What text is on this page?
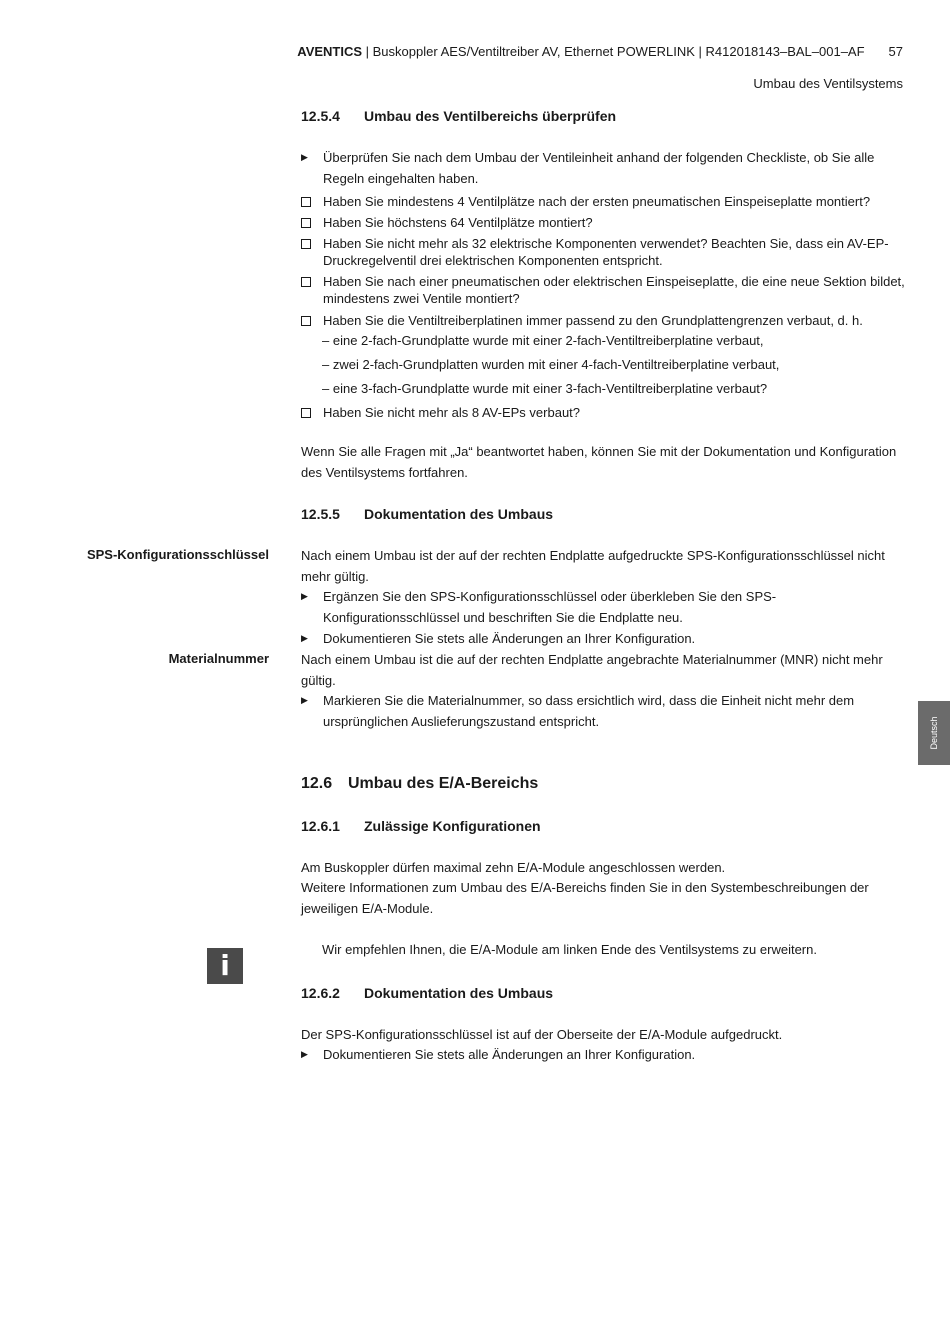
AVENTICS | Buskoppler AES/Ventiltreiber AV, Ethernet POWERLINK | R412018143–BAL–001–AF 57
Umbau des Ventilsystems
12.5.4 Umbau des Ventilbereichs überprüfen
▶ Überprüfen Sie nach dem Umbau der Ventileinheit anhand der folgenden Checkliste, ob Sie alle Regeln eingehalten haben.
Haben Sie mindestens 4 Ventilplätze nach der ersten pneumatischen Einspeiseplatte montiert?
Haben Sie höchstens 64 Ventilplätze montiert?
Haben Sie nicht mehr als 32 elektrische Komponenten verwendet? Beachten Sie, dass ein AV-EP-Druckregelventil drei elektrischen Komponenten entspricht.
Haben Sie nach einer pneumatischen oder elektrischen Einspeiseplatte, die eine neue Sektion bildet, mindestens zwei Ventile montiert?
Haben Sie die Ventiltreiberplatinen immer passend zu den Grundplattengrenzen verbaut, d. h.
– eine 2-fach-Grundplatte wurde mit einer 2-fach-Ventiltreiberplatine verbaut,
– zwei 2-fach-Grundplatten wurden mit einer 4-fach-Ventiltreiberplatine verbaut,
– eine 3-fach-Grundplatte wurde mit einer 3-fach-Ventiltreiberplatine verbaut?
Haben Sie nicht mehr als 8 AV-EPs verbaut?
Wenn Sie alle Fragen mit „Ja“ beantwortet haben, können Sie mit der Dokumentation und Konfiguration des Ventilsystems fortfahren.
12.5.5 Dokumentation des Umbaus
SPS-Konfigurationsschlüssel Nach einem Umbau ist der auf der rechten Endplatte aufgedruckte SPS-Konfigurationsschlüssel nicht mehr gültig.
▶ Ergänzen Sie den SPS-Konfigurationsschlüssel oder überkleben Sie den SPS-Konfigurationsschlüssel und beschriften Sie die Endplatte neu.
▶ Dokumentieren Sie stets alle Änderungen an Ihrer Konfiguration.
Materialnummer Nach einem Umbau ist die auf der rechten Endplatte angebrachte Materialnummer (MNR) nicht mehr gültig.
▶ Markieren Sie die Materialnummer, so dass ersichtlich wird, dass die Einheit nicht mehr dem ursprünglichen Auslieferungszustand entspricht.
12.6 Umbau des E/A-Bereichs
12.6.1 Zulässige Konfigurationen
Am Buskoppler dürfen maximal zehn E/A-Module angeschlossen werden.
Weitere Informationen zum Umbau des E/A-Bereichs finden Sie in den Systembeschreibungen der jeweiligen E/A-Module.
i	Wir empfehlen Ihnen, die E/A-Module am linken Ende des Ventilsystems zu erweitern.
12.6.2 Dokumentation des Umbaus
Der SPS-Konfigurationsschlüssel ist auf der Oberseite der E/A-Module aufgedruckt.
▶ Dokumentieren Sie stets alle Änderungen an Ihrer Konfiguration.
Deutsch
